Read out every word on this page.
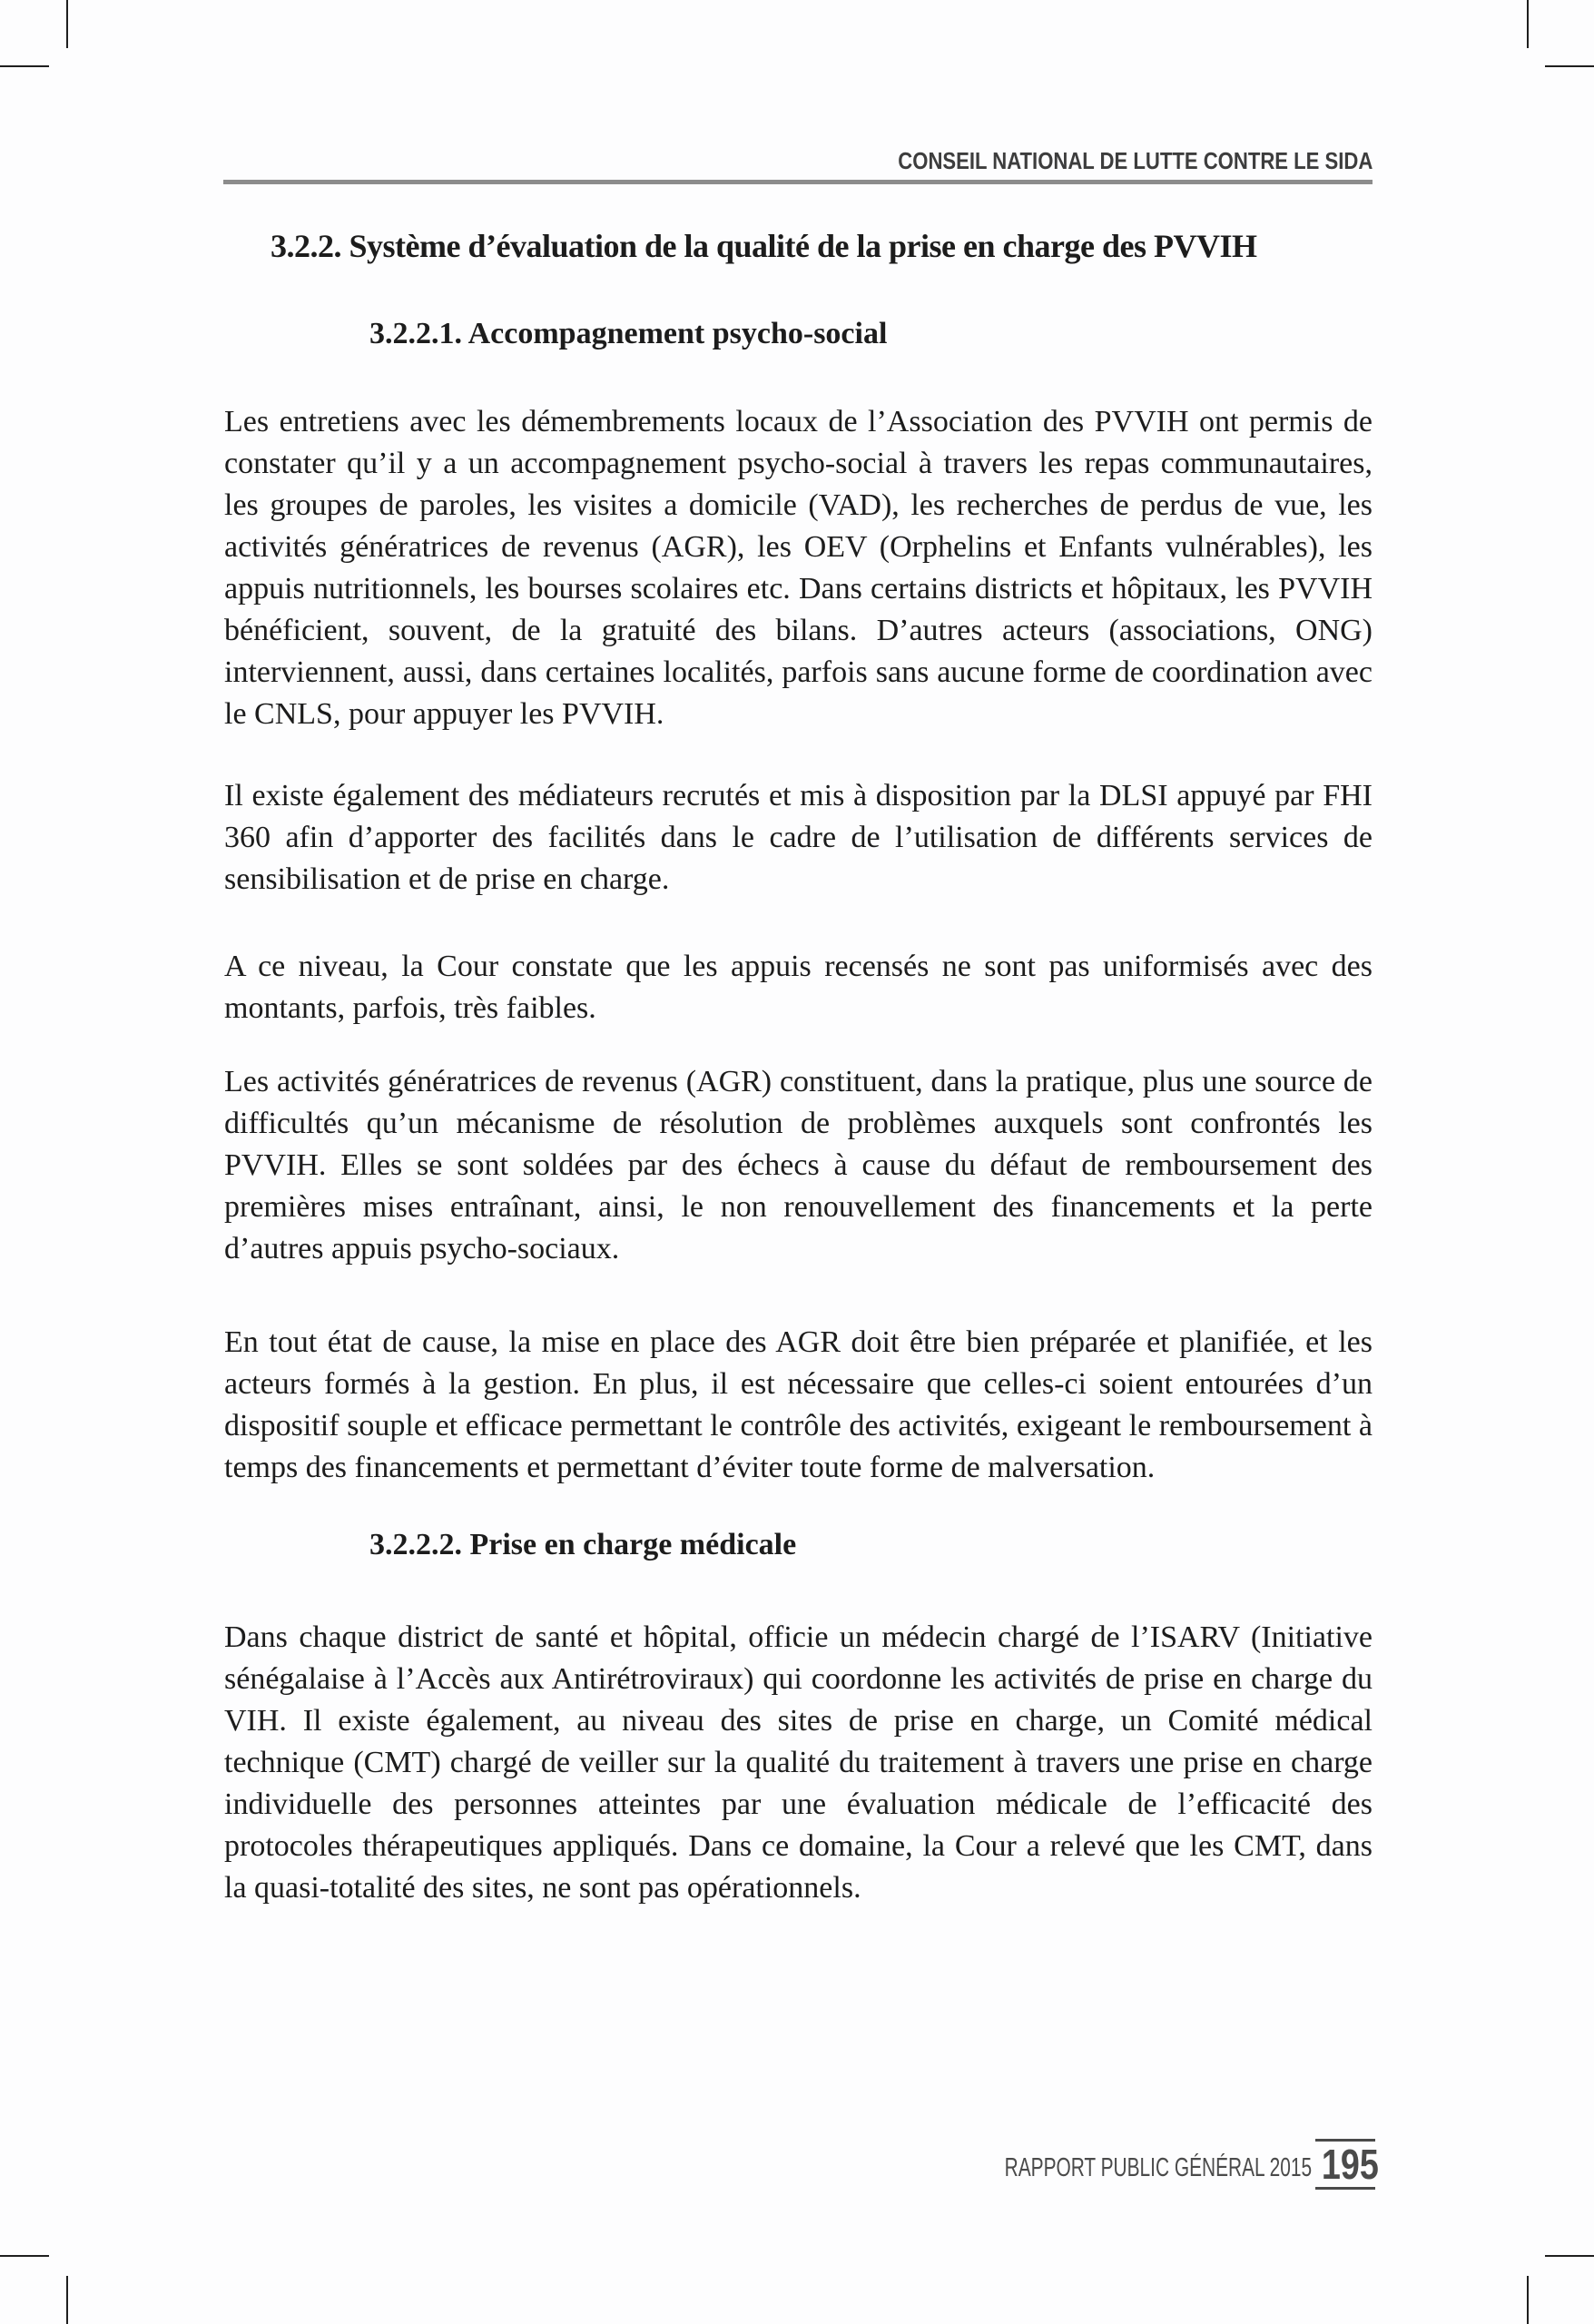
CONSEIL NATIONAL DE LUTTE CONTRE LE SIDA
3.2.2. Système d’évaluation de la qualité de la prise en charge des PVVIH
3.2.2.1. Accompagnement psycho-social

Les entretiens avec les démembrements locaux de l’Association des PVVIH ont permis de constater qu’il y a un accompagnement psycho-social à travers les repas communautaires, les groupes de paroles, les visites a domicile (VAD), les recherches de perdus de vue, les activités génératrices de revenus (AGR), les OEV (Orphelins et Enfants vulnérables), les appuis nutritionnels, les bourses scolaires etc. Dans certains districts et hôpitaux, les PVVIH bénéficient, souvent, de la gratuité des bilans. D’autres acteurs (associations, ONG) interviennent, aussi, dans certaines localités, parfois sans aucune forme de coordination avec le CNLS, pour appuyer les PVVIH.

Il existe également des médiateurs recrutés et mis à disposition par la DLSI appuyé par FHI 360 afin d’apporter des facilités dans le cadre de l’utilisation de différents services de sensibilisation et de prise en charge.

A ce niveau, la Cour constate que les appuis recensés ne sont pas uniformisés avec des montants, parfois, très faibles.

Les activités génératrices de revenus (AGR) constituent, dans la pratique, plus une source de difficultés qu’un mécanisme de résolution de problèmes auxquels sont confrontés les PVVIH. Elles se sont soldées par des échecs à cause du défaut de remboursement des premières mises entraînant, ainsi, le non renouvellement des financements et la perte d’autres appuis psycho-sociaux.

En tout état de cause, la mise en place des AGR doit être bien préparée et planifiée, et les acteurs formés à la gestion. En plus, il est nécessaire que celles-ci soient entourées d’un dispositif souple et efficace permettant le contrôle des activités, exigeant le remboursement à temps des financements et permettant d’éviter toute forme de malversation.

3.2.2.2. Prise en charge médicale

Dans chaque district de santé et hôpital, officie un médecin chargé de l’ISARV (Initiative sénégalaise à l’Accès aux Antirétroviraux) qui coordonne les activités de prise en charge du VIH. Il existe également, au niveau des sites de prise en charge, un Comité médical technique (CMT) chargé de veiller sur la qualité du traitement à travers une prise en charge individuelle des personnes atteintes par une évaluation médicale de l’efficacité des protocoles thérapeutiques appliqués. Dans ce domaine, la Cour a relevé que les CMT, dans la quasi-totalité des sites, ne sont pas opérationnels.

RAPPORT PUBLIC GÉNÉRAL 2015 195
